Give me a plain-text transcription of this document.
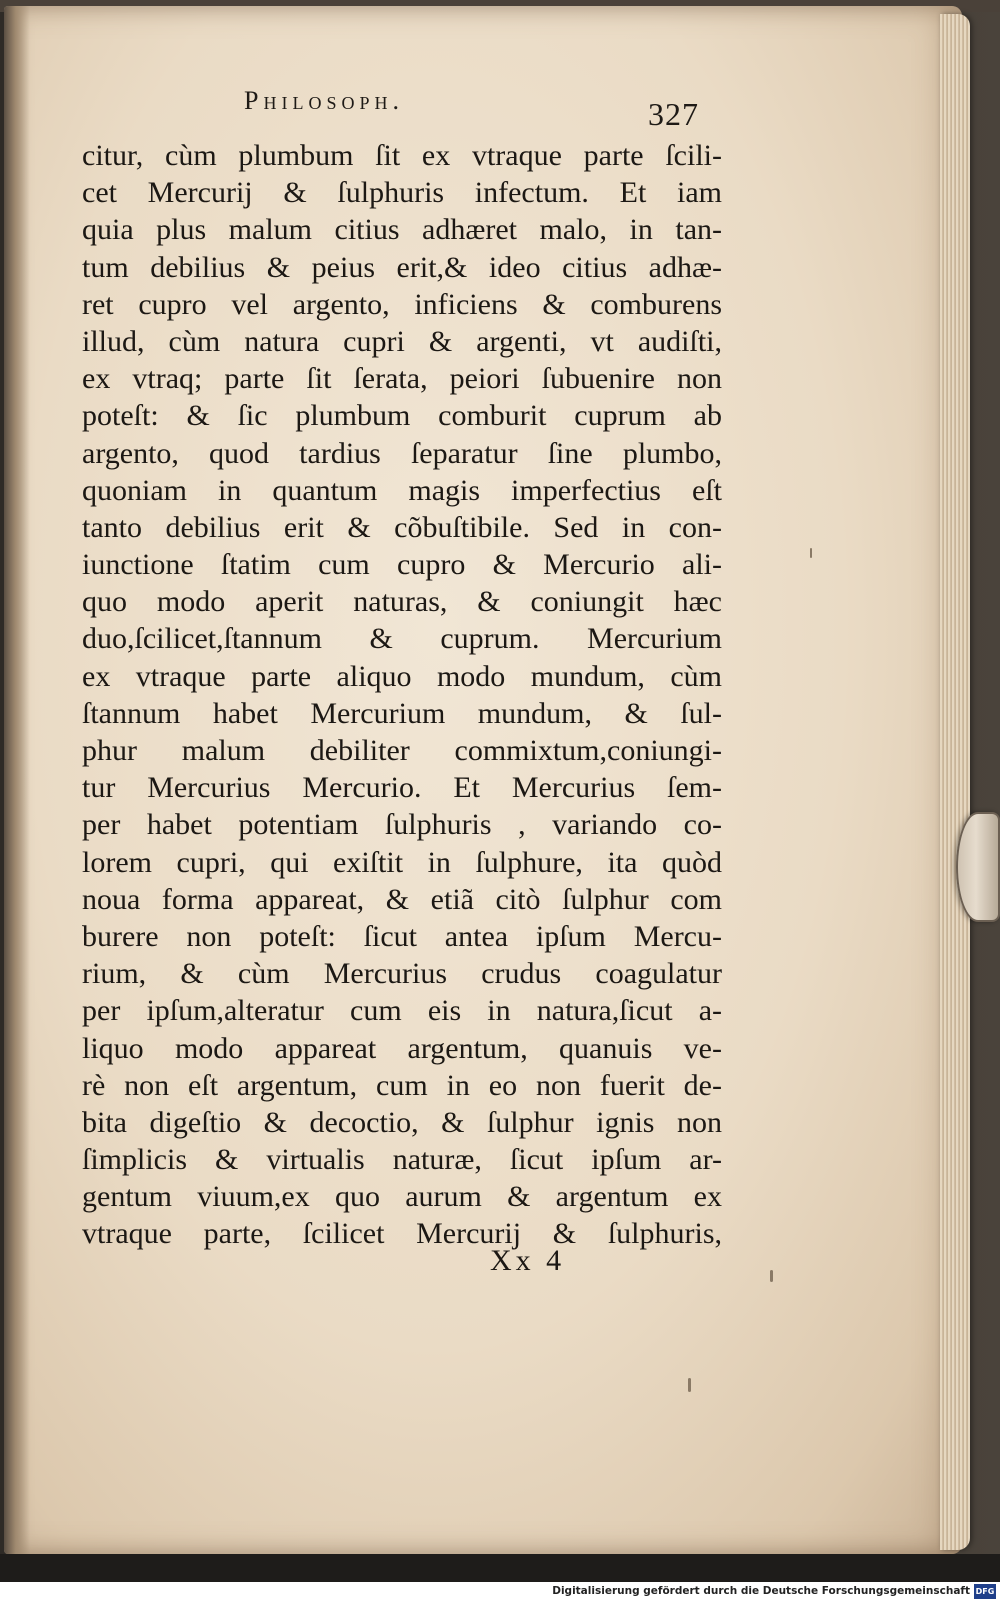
Philosoph.	327
citur, cùm plumbum ſit ex vtraque parte ſcili-
cet Mercurij & ſulphuris infectum. Et iam
quia plus malum citius adhæret malo, in tan-
tum debilius & peius erit,& ideo citius adhæ-
ret cupro vel argento, inficiens & comburens
illud, cùm natura cupri & argenti, vt audiſti,
ex vtraq; parte ſit ſerata, peiori ſubuenire non
poteſt: & ſic plumbum comburit cuprum ab
argento, quod tardius ſeparatur ſine plumbo,
quoniam in quantum magis imperfectius eſt
tanto debilius erit & cõbuſtibile. Sed in con-
iunctione ſtatim cum cupro & Mercurio ali-
quo modo aperit naturas, & coniungit hæc
duo,ſcilicet,ſtannum & cuprum. Mercurium
ex vtraque parte aliquo modo mundum, cùm
ſtannum habet Mercurium mundum, & ſul-
phur malum debiliter commixtum,coniungi-
tur Mercurius Mercurio. Et Mercurius ſem-
per habet potentiam ſulphuris , variando co-
lorem cupri, qui exiſtit in ſulphure, ita quòd
noua forma appareat, & etiã citò ſulphur com
burere non poteſt: ſicut antea ipſum Mercu-
rium, & cùm Mercurius crudus coagulatur
per ipſum,alteratur cum eis in natura,ſicut a-
liquo modo appareat argentum, quanuis ve-
rè non eſt argentum, cum in eo non fuerit de-
bita digeſtio & decoctio, & ſulphur ignis non
ſimplicis & virtualis naturæ, ſicut ipſum ar-
gentum viuum,ex quo aurum & argentum ex
vtraque parte, ſcilicet Mercurij & ſulphuris,
Xx 4
Digitalisierung gefördert durch die Deutsche Forschungsgemeinschaft DFG
